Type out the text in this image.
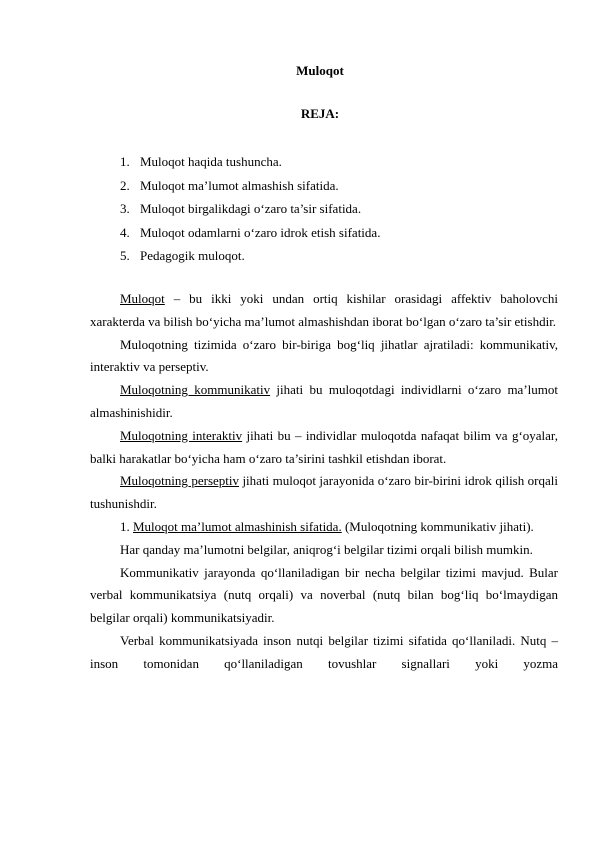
Muloqot
REJA:
1. Muloqot haqida tushuncha.
2. Muloqot ma’lumot almashish sifatida.
3. Muloqot birgalikdagi o‘zaro ta’sir sifatida.
4. Muloqot odamlarni o‘zaro idrok etish sifatida.
5. Pedagogik muloqot.

Muloqot – bu ikki yoki undan ortiq kishilar orasidagi affektiv baholovchi xarakterda va bilish bo‘yicha ma’lumot almashishdan iborat bo‘lgan o‘zaro ta’sir etishdir.

Muloqotning tizimida o‘zaro bir-biriga bog‘liq jihatlar ajratiladi: kommunikativ, interaktiv va perseptiv.

Muloqotning kommunikativ jihati bu muloqotdagi individlarni o‘zaro ma’lumot almashinishidir.

Muloqotning interaktiv jihati bu – individlar muloqotda nafaqat bilim va g‘oyalar, balki harakatlar bo‘yicha ham o‘zaro ta’sirini tashkil etishdan iborat.

Muloqotning perseptiv jihati muloqot jarayonida o‘zaro bir-birini idrok qilish orqali tushunishdir.

1. Muloqot ma’lumot almashinish sifatida. (Muloqotning kommunikativ jihati).

Har qanday ma’lumotni belgilar, aniqrog‘i belgilar tizimi orqali bilish mumkin.

Kommunikativ jarayonda qo‘llaniladigan bir necha belgilar tizimi mavjud. Bular verbal kommunikatsiya (nutq orqali) va noverbal (nutq bilan bog‘liq bo‘lmaydigan belgilar orqali) kommunikatsiyadir.

Verbal kommunikatsiyada inson nutqi belgilar tizimi sifatida qo‘llaniladi. Nutq – inson tomonidan qo‘llaniladigan tovushlar signallari yoki yozma
